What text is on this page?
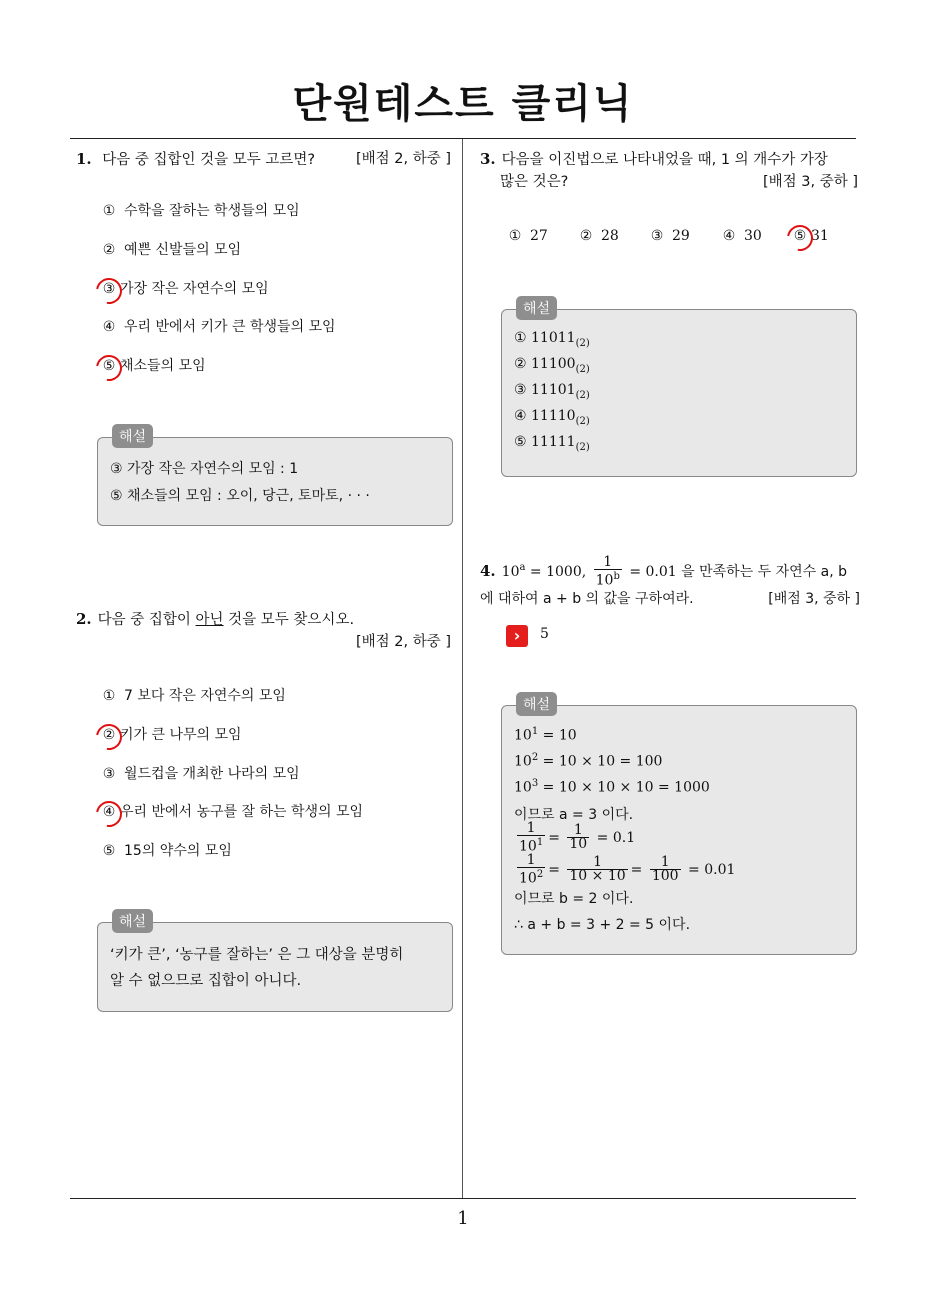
단원테스트 클리닉
1. 다음 중 집합인 것을 모두 고르면?	[배점 2, 하중 ]
① 수학을 잘하는 학생들의 모임
② 예쁜 신발들의 모임
③ 가장 작은 자연수의 모임
④ 우리 반에서 키가 큰 학생들의 모임
⑤ 채소들의 모임
해설
③ 가장 작은 자연수의 모임 : 1
⑤ 채소들의 모임 : 오이, 당근, 토마토, · · ·
2. 다음 중 집합이 아닌 것을 모두 찾으시오.
[배점 2, 하중 ]
① 7 보다 작은 자연수의 모임
② 키가 큰 나무의 모임
③ 월드컵을 개최한 나라의 모임
④ 우리 반에서 농구를 잘 하는 학생의 모임
⑤ 15의 약수의 모임
해설
‘키가 큰’, ‘농구를 잘하는’ 은 그 대상을 분명히
알 수 없으므로 집합이 아니다.
3. 다음을 이진법으로 나타내었을 때, 1 의 개수가 가장
많은 것은?	[배점 3, 중하 ]
① 27 ② 28 ③ 29 ④ 30 ⑤ 31
해설
① $11011_{(2)}$
② $11100_{(2)}$
③ $11101_{(2)}$
④ $11110_{(2)}$
⑤ $11111_{(2)}$
4. $10^a = 1000$, $\frac{1}{10^b} = 0.01$ 을 만족하는 두 자연수 a, b
에 대하여 a + b 의 값을 구하여라.	[배점 3, 중하 ]
›	5
해설
$10^1 = 10$
$10^2 = 10 \times 10 = 100$
$10^3 = 10 \times 10 \times 10 = 1000$
이므로 a = 3 이다.
$\frac{1}{10^1} = \frac{1}{10} = 0.1$
$\frac{1}{10^2} = \frac{1}{10 \times 10} = \frac{1}{100} = 0.01$
이므로 b = 2 이다.
∴ a + b = 3 + 2 = 5 이다.
1
